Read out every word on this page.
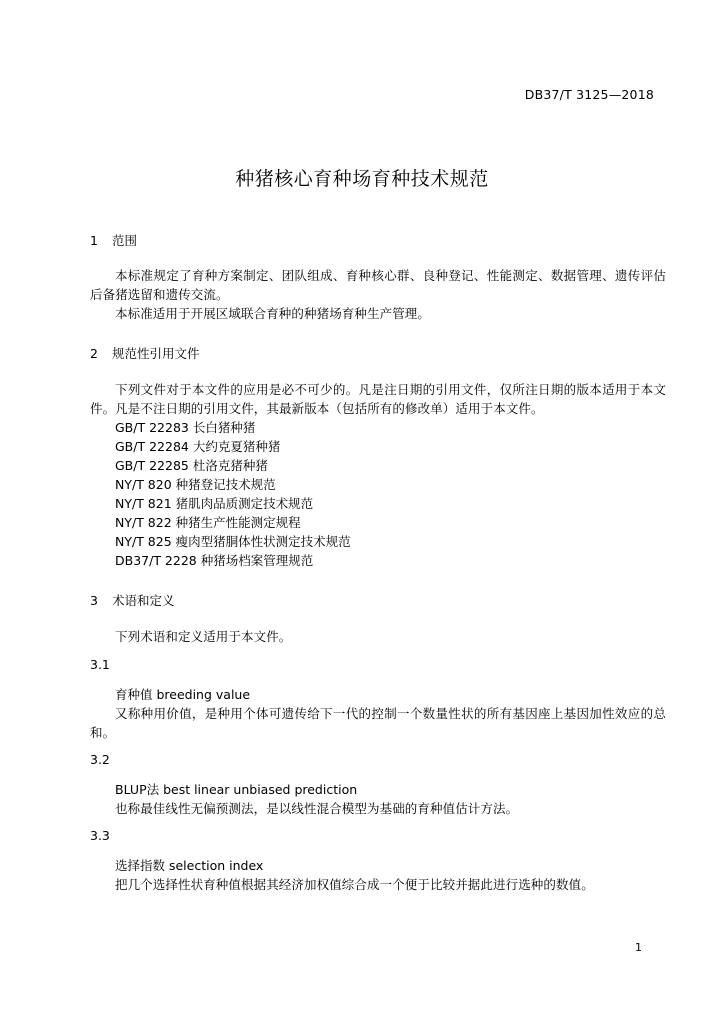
DB37/T 3125—2018
种猪核心育种场育种技术规范
1 范围
本标准规定了育种方案制定、团队组成、育种核心群、良种登记、性能测定、数据管理、遗传评估后备猪选留和遗传交流。
本标准适用于开展区域联合育种的种猪场育种生产管理。
2 规范性引用文件
下列文件对于本文件的应用是必不可少的。凡是注日期的引用文件，仅所注日期的版本适用于本文件。凡是不注日期的引用文件，其最新版本（包括所有的修改单）适用于本文件。
GB/T 22283 长白猪种猪
GB/T 22284 大约克夏猪种猪
GB/T 22285 杜洛克猪种猪
NY/T 820 种猪登记技术规范
NY/T 821 猪肌肉品质测定技术规范
NY/T 822 种猪生产性能测定规程
NY/T 825 瘦肉型猪胴体性状测定技术规范
DB37/T 2228 种猪场档案管理规范
3 术语和定义
下列术语和定义适用于本文件。
3.1
育种值 breeding value
又称种用价值，是种用个体可遗传给下一代的控制一个数量性状的所有基因座上基因加性效应的总和。
3.2
BLUP法 best linear unbiased prediction
也称最佳线性无偏预测法，是以线性混合模型为基础的育种值估计方法。
3.3
选择指数 selection index
把几个选择性状育种值根据其经济加权值综合成一个便于比较并据此进行选种的数值。
1
